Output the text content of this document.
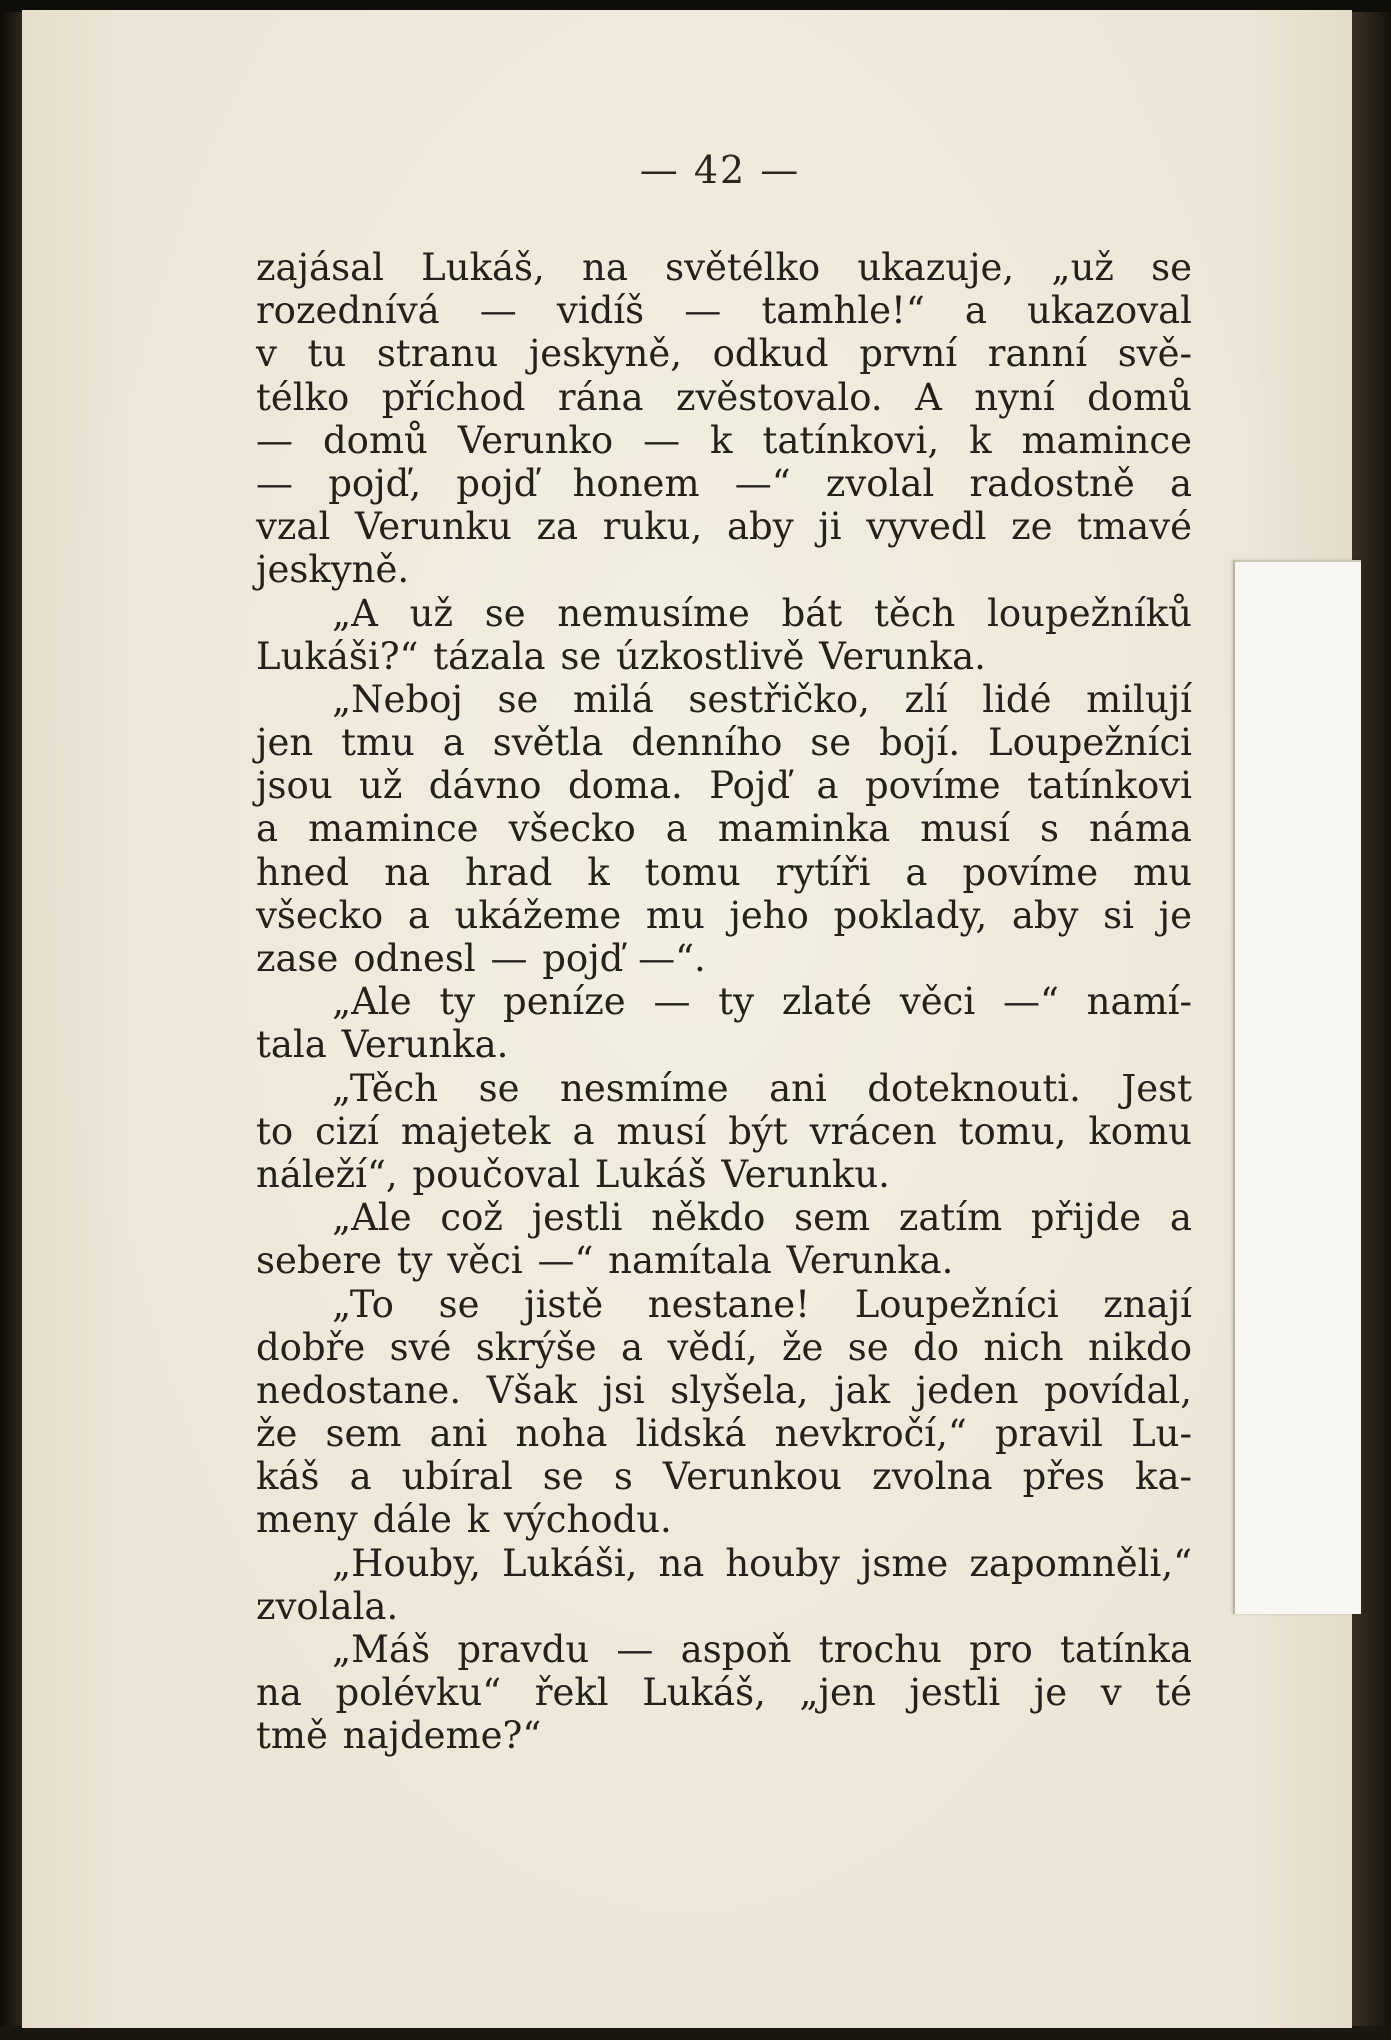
— 42 —
zajásal Lukáš, na světélko ukazuje, „už se
rozednívá — vidíš — tamhle!“ a ukazoval
v tu stranu jeskyně, odkud první ranní svě-
télko příchod rána zvěstovalo. A nyní domů
— domů Verunko — k tatínkovi, k mamince
— pojď, pojď honem —“ zvolal radostně a
vzal Verunku za ruku, aby ji vyvedl ze tmavé
jeskyně.
„A už se nemusíme bát těch loupežníků
Lukáši?“ tázala se úzkostlivě Verunka.
„Neboj se milá sestřičko, zlí lidé milují
jen tmu a světla denního se bojí. Loupežníci
jsou už dávno doma. Pojď a povíme tatínkovi
a mamince všecko a maminka musí s náma
hned na hrad k tomu rytíři a povíme mu
všecko a ukážeme mu jeho poklady, aby si je
zase odnesl — pojď —“.
„Ale ty peníze — ty zlaté věci —“ namí-
tala Verunka.
„Těch se nesmíme ani doteknouti. Jest
to cizí majetek a musí být vrácen tomu, komu
náleží“, poučoval Lukáš Verunku.
„Ale což jestli někdo sem zatím přijde a
sebere ty věci —“ namítala Verunka.
„To se jistě nestane! Loupežníci znají
dobře své skrýše a vědí, že se do nich nikdo
nedostane. Však jsi slyšela, jak jeden povídal,
že sem ani noha lidská nevkročí,“ pravil Lu-
káš a ubíral se s Verunkou zvolna přes ka-
meny dále k východu.
„Houby, Lukáši, na houby jsme zapomněli,“
zvolala.
„Máš pravdu — aspoň trochu pro tatínka
na polévku“ řekl Lukáš, „jen jestli je v té
tmě najdeme?“
